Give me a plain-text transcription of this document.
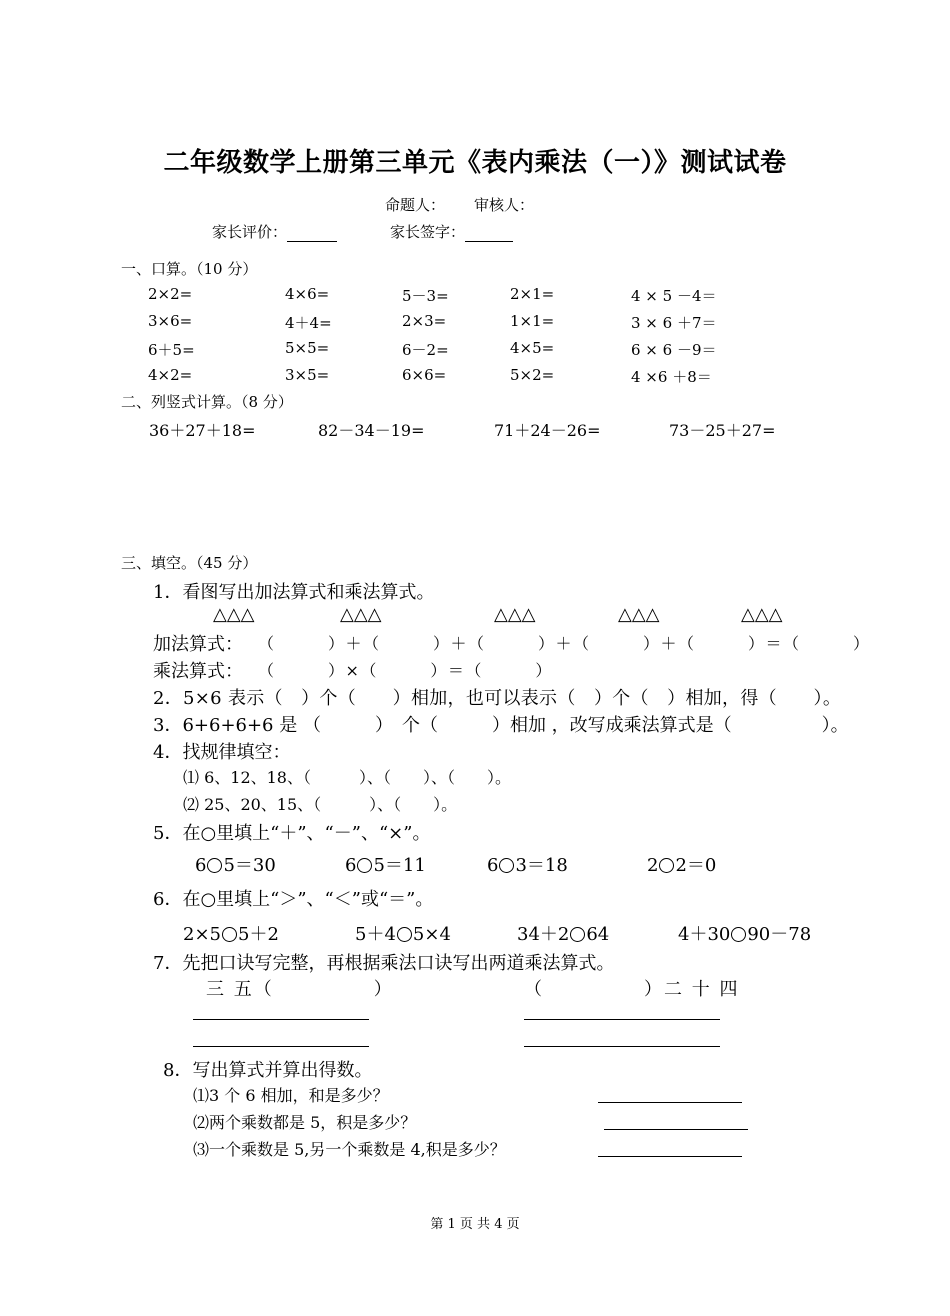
二年级数学上册第三单元《表内乘法（一）》测试试卷
命题人： 审核人：
家长评价：	家长签字：
一、口算。（10 分）
2×2=	4×6=	5－3=	2×1=	4 × 5 －4＝
3×6=	4＋4=	2×3=	1×1=	3 × 6 ＋7＝
6＋5=	5×5=	6－2=	4×5=	6 × 6 －9＝
4×2=	3×5=	6×6=	5×2=	4 ×6 ＋8＝
二、列竖式计算。（8 分）
36＋27＋18=	82－34－19=	71＋24－26=	73－25＋27=
三、填空。（45 分）
1．看图写出加法算式和乘法算式。
△△△	△△△	△△△	△△△	△△△
加法算式： （　　　）＋（　　　）＋（　　　）＋（　　　）＋（　　　）＝（　　　）
乘法算式： （　　　）×（　　　）＝（　　　）
2．5×6 表示（　）个（　　）相加，也可以表示（　）个（　）相加，得（　　）。
3．6+6+6+6 是 （　　　）　个（　　　）相加 ，改写成乘法算式是（　　　　　）。
4．找规律填空：
⑴ 6、12、18、（　　　）、（　　）、（　　）。
⑵ 25、20、15、（　　　）、（　　）。
5．在○里填上“＋”、“－”、“×”。
6 5＝30	6 5＝11	6 3＝18	2 2＝0
6．在○里填上“＞”、“＜”或“＝”。
2×5 5＋2	5＋4 5×4	34＋2 64	4＋30 90－78
7．先把口诀写完整，再根据乘法口诀写出两道乘法算式。
三 五（　　　　　）	（　　　　　）二 十 四
8．写出算式并算出得数。
⑴3 个 6 相加，和是多少？
⑵两个乘数都是 5，积是多少？
⑶一个乘数是 5,另一个乘数是 4,积是多少？
第 1 页 共 4 页
